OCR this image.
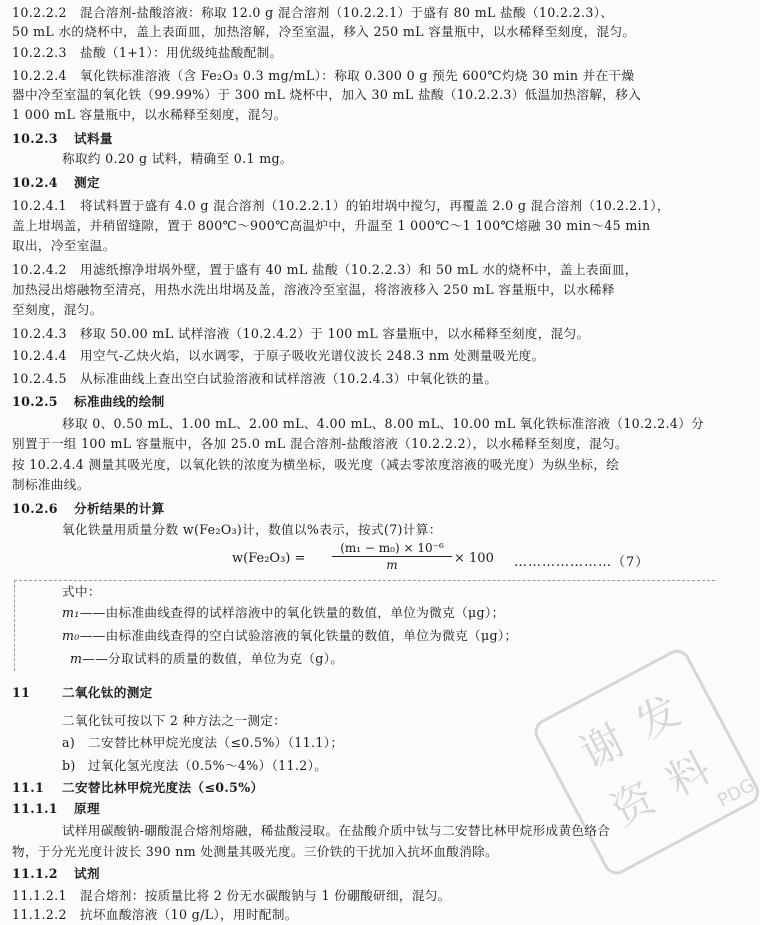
10.2.2.2 混合溶剂-盐酸溶液：称取 12.0 g 混合溶剂（10.2.2.1）于盛有 80 mL 盐酸（10.2.2.3）、
50 mL 水的烧杯中，盖上表面皿，加热溶解，冷至室温，移入 250 mL 容量瓶中，以水稀释至刻度，混匀。
10.2.2.3 盐酸（1+1）：用优级纯盐酸配制。
10.2.2.4 氧化铁标准溶液（含 Fe₂O₃ 0.3 mg/mL）：称取 0.300 0 g 预先 600℃灼烧 30 min 并在干燥
器中冷至室温的氧化铁（99.99%）于 300 mL 烧杯中，加入 30 mL 盐酸（10.2.2.3）低温加热溶解，移入
1 000 mL 容量瓶中，以水稀释至刻度，混匀。
10.2.3 试料量
称取约 0.20 g 试料，精确至 0.1 mg。
10.2.4 测定
10.2.4.1 将试料置于盛有 4.0 g 混合溶剂（10.2.2.1）的铂坩埚中搅匀，再覆盖 2.0 g 混合溶剂（10.2.2.1），
盖上坩埚盖，并稍留缝隙，置于 800℃～900℃高温炉中，升温至 1 000℃～1 100℃熔融 30 min～45 min
取出，冷至室温。
10.2.4.2 用滤纸擦净坩埚外壁，置于盛有 40 mL 盐酸（10.2.2.3）和 50 mL 水的烧杯中，盖上表面皿，
加热浸出熔融物至清亮，用热水洗出坩埚及盖，溶液冷至室温，将溶液移入 250 mL 容量瓶中，以水稀释
至刻度，混匀。
10.2.4.3 移取 50.00 mL 试样溶液（10.2.4.2）于 100 mL 容量瓶中，以水稀释至刻度，混匀。
10.2.4.4 用空气-乙炔火焰，以水调零，于原子吸收光谱仪波长 248.3 nm 处测量吸光度。
10.2.4.5 从标准曲线上查出空白试验溶液和试样溶液（10.2.4.3）中氧化铁的量。
10.2.5 标准曲线的绘制
移取 0、0.50 mL、1.00 mL、2.00 mL、4.00 mL、8.00 mL、10.00 mL 氧化铁标准溶液（10.2.2.4）分
别置于一组 100 mL 容量瓶中，各加 25.0 mL 混合溶剂-盐酸溶液（10.2.2.2），以水稀释至刻度，混匀。
按 10.2.4.4 测量其吸光度，以氧化铁的浓度为横坐标，吸光度（减去零浓度溶液的吸光度）为纵坐标，绘
制标准曲线。
10.2.6 分析结果的计算
氧化铁量用质量分数 w(Fe₂O₃)计，数值以%表示，按式(7)计算：
$w(Fe_2O_3) = \frac{\text{(m₁ − m₀) × 10⁻⁶}}{m} \times 100$ …………………（7）
式中：
m₁——由标准曲线查得的试样溶液中的氧化铁量的数值，单位为微克（μg）；
m₀——由标准曲线查得的空白试验溶液的氧化铁量的数值，单位为微克（μg）；
m——分取试料的质量的数值，单位为克（g）。
11	二氧化钛的测定
二氧化钛可按以下 2 种方法之一测定：
a) 二安替比林甲烷光度法（≤0.5%）（11.1）；
b) 过氧化氢光度法（0.5%～4%）（11.2）。
11.1 二安替比林甲烷光度法（≤0.5%）
11.1.1 原理
试样用碳酸钠-硼酸混合熔剂熔融，稀盐酸浸取。在盐酸介质中钛与二安替比林甲烷形成黄色络合
物，于分光光度计波长 390 nm 处测量其吸光度。三价铁的干扰加入抗坏血酸消除。
11.1.2 试剂
11.1.2.1 混合熔剂：按质量比将 2 份无水碳酸钠与 1 份硼酸研细，混匀。
11.1.2.2 抗坏血酸溶液（10 g/L），用时配制。
谢
发
资
料
PDG
